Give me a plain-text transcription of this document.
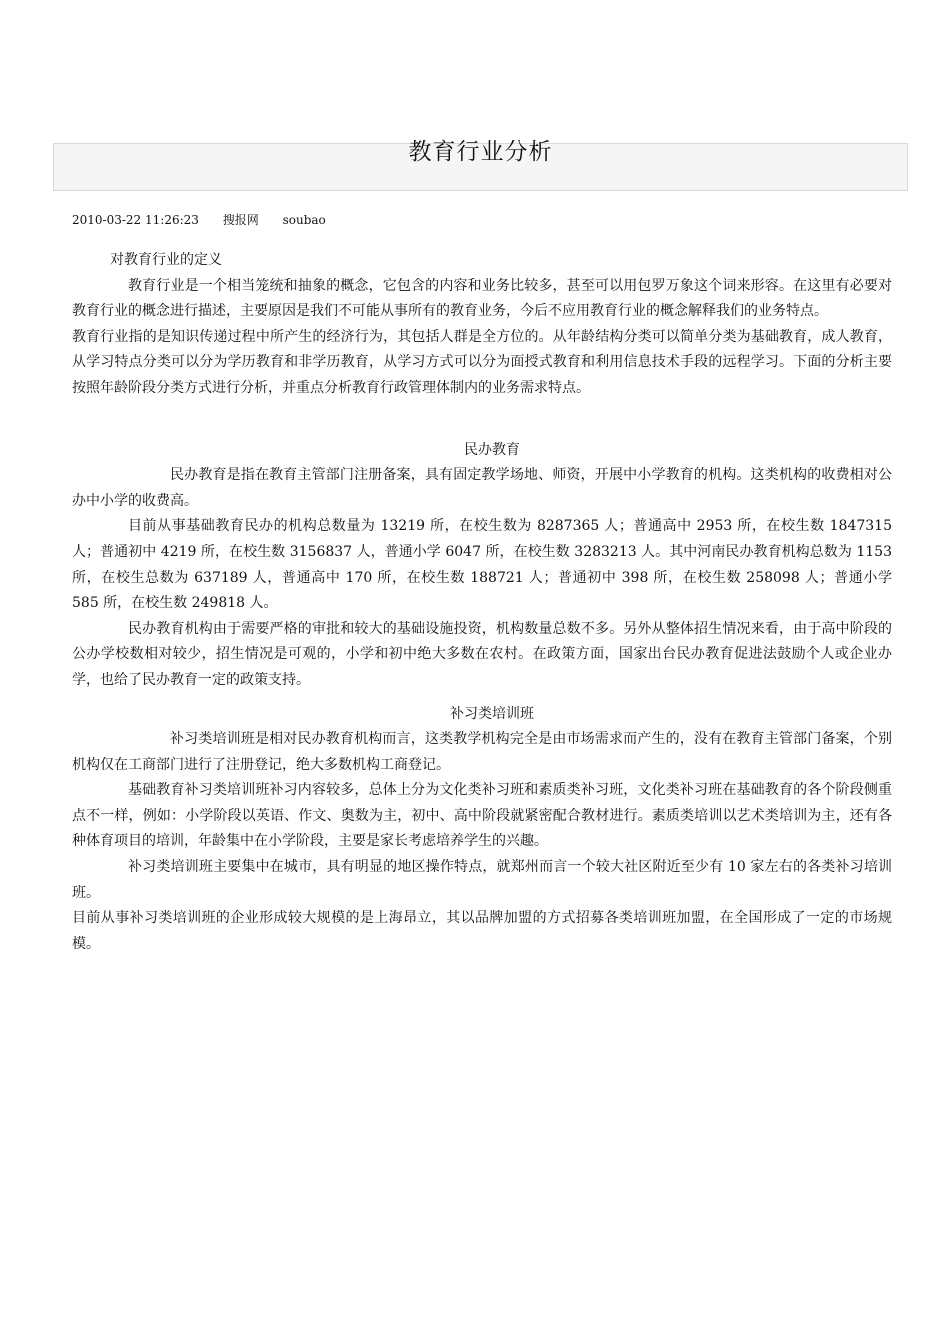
教育行业分析
2010-03-22 11:26:23 搜报网 soubao

对教育行业的定义

教育行业是一个相当笼统和抽象的概念，它包含的内容和业务比较多，甚至可以用包罗万象这个词来形容。在这里有必要对教育行业的概念进行描述，主要原因是我们不可能从事所有的教育业务，今后不应用教育行业的概念解释我们的业务特点。

教育行业指的是知识传递过程中所产生的经济行为，其包括人群是全方位的。从年龄结构分类可以简单分类为基础教育，成人教育，从学习特点分类可以分为学历教育和非学历教育，从学习方式可以分为面授式教育和利用信息技术手段的远程学习。下面的分析主要按照年龄阶段分类方式进行分析，并重点分析教育行政管理体制内的业务需求特点。

民办教育

民办教育是指在教育主管部门注册备案，具有固定教学场地、师资，开展中小学教育的机构。这类机构的收费相对公办中小学的收费高。

目前从事基础教育民办的机构总数量为 13219 所，在校生数为 8287365 人；普通高中 2953 所，在校生数 1847315 人；普通初中 4219 所，在校生数 3156837 人，普通小学 6047 所，在校生数 3283213 人。其中河南民办教育机构总数为 1153 所，在校生总数为 637189 人，普通高中 170 所，在校生数 188721 人；普通初中 398 所，在校生数 258098 人；普通小学 585 所，在校生数 249818 人。

民办教育机构由于需要严格的审批和较大的基础设施投资，机构数量总数不多。另外从整体招生情况来看，由于高中阶段的公办学校数相对较少，招生情况是可观的，小学和初中绝大多数在农村。在政策方面，国家出台民办教育促进法鼓励个人或企业办学，也给了民办教育一定的政策支持。

补习类培训班

补习类培训班是相对民办教育机构而言，这类教学机构完全是由市场需求而产生的，没有在教育主管部门备案，个别机构仅在工商部门进行了注册登记，绝大多数机构工商登记。

基础教育补习类培训班补习内容较多，总体上分为文化类补习班和素质类补习班，文化类补习班在基础教育的各个阶段侧重点不一样，例如：小学阶段以英语、作文、奥数为主，初中、高中阶段就紧密配合教材进行。素质类培训以艺术类培训为主，还有各种体育项目的培训，年龄集中在小学阶段，主要是家长考虑培养学生的兴趣。

补习类培训班主要集中在城市，具有明显的地区操作特点，就郑州而言一个较大社区附近至少有 10 家左右的各类补习培训班。

目前从事补习类培训班的企业形成较大规模的是上海昂立，其以品牌加盟的方式招募各类培训班加盟，在全国形成了一定的市场规模。
